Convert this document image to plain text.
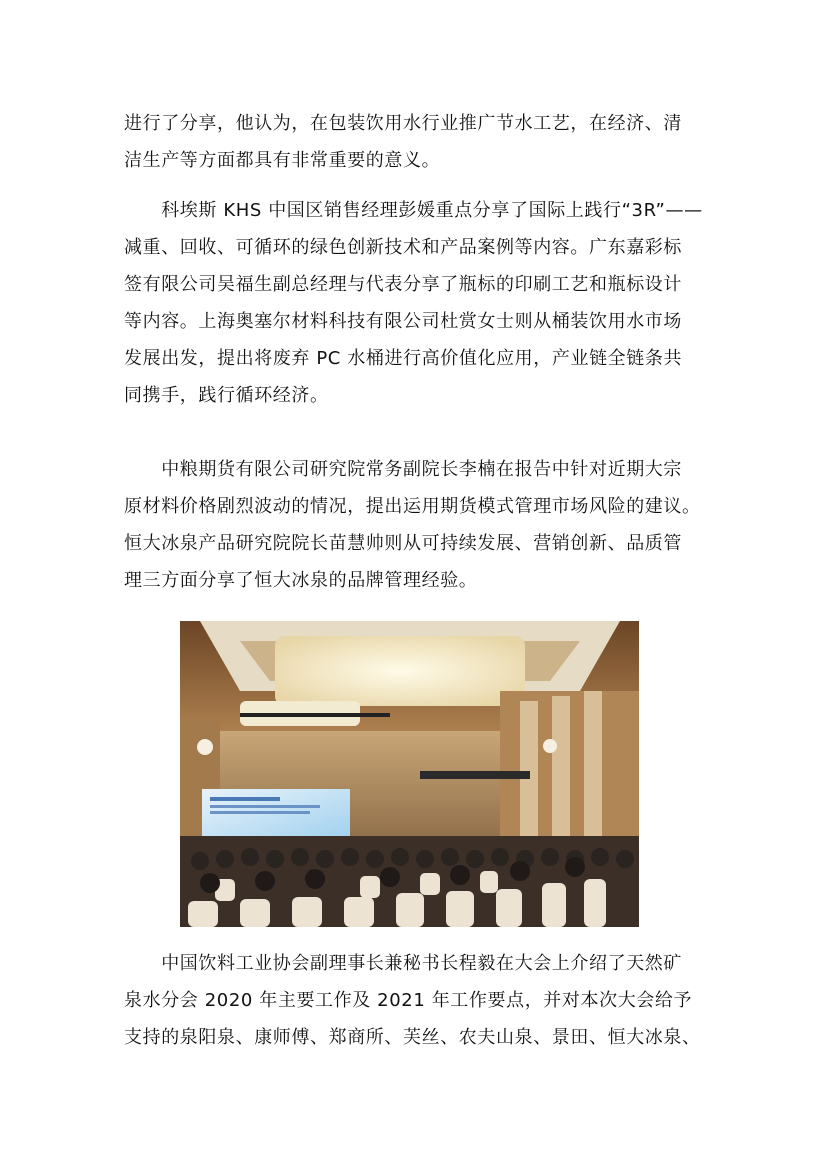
进行了分享，他认为，在包装饮用水行业推广节水工艺，在经济、清
洁生产等方面都具有非常重要的意义。
　　科埃斯 KHS 中国区销售经理彭媛重点分享了国际上践行“3R”——
减重、回收、可循环的绿色创新技术和产品案例等内容。广东嘉彩标
签有限公司吴福生副总经理与代表分享了瓶标的印刷工艺和瓶标设计
等内容。上海奥塞尔材料科技有限公司杜赏女士则从桶装饮用水市场
发展出发，提出将废弃 PC 水桶进行高价值化应用，产业链全链条共
同携手，践行循环经济。
　　中粮期货有限公司研究院常务副院长李楠在报告中针对近期大宗
原材料价格剧烈波动的情况，提出运用期货模式管理市场风险的建议。
恒大冰泉产品研究院院长苗慧帅则从可持续发展、营销创新、品质管
理三方面分享了恒大冰泉的品牌管理经验。
　　中国饮料工业协会副理事长兼秘书长程毅在大会上介绍了天然矿
泉水分会 2020 年主要工作及 2021 年工作要点，并对本次大会给予
支持的泉阳泉、康师傅、郑商所、芙丝、农夫山泉、景田、恒大冰泉、
